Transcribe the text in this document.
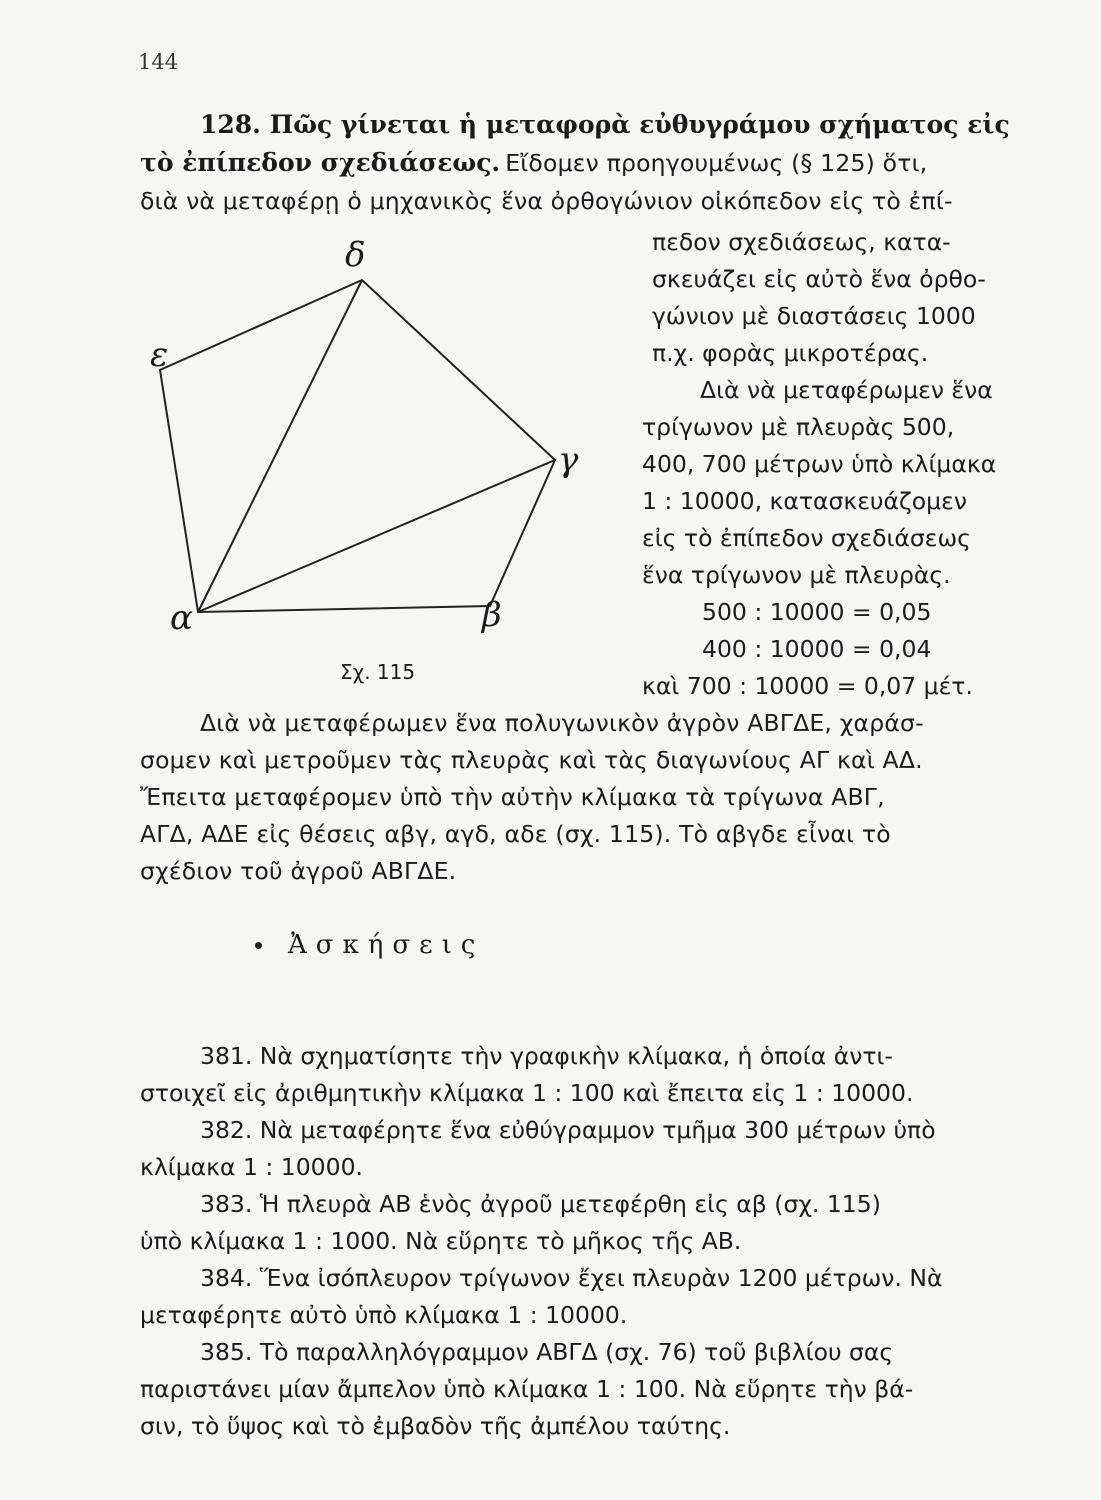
144
128. Πῶς γίνεται ἡ μεταφορὰ εὐθυγράμου σχήματος εἰς
τὸ ἐπίπεδον σχεδιάσεως. Εἴδομεν προηγουμένως (§ 125) ὅτι,
διὰ νὰ μεταφέρῃ ὁ μηχανικὸς ἕνα ὀρθογώνιον οἰκόπεδον εἰς τὸ ἐπί-
πεδον σχεδιάσεως, κατα-
σκευάζει εἰς αὐτὸ ἕνα ὀρθο-
γώνιον μὲ διαστάσεις 1000
π.χ. φορὰς μικροτέρας.
Διὰ νὰ μεταφέρωμεν ἕνα
τρίγωνον μὲ πλευρὰς 500,
400, 700 μέτρων ὑπὸ κλίμακα
1 : 10000, κατασκευάζομεν
εἰς τὸ ἐπίπεδον σχεδιάσεως
ἕνα τρίγωνον μὲ πλευρὰς.
500 : 10000 = 0,05
400 : 10000 = 0,04
καὶ 700 : 10000 = 0,07 μέτ.
ε
δ
γ
β
α
Σχ. 115
Διὰ νὰ μεταφέρωμεν ἕνα πολυγωνικὸν ἀγρὸν ΑΒΓΔΕ, χαράσ-
σομεν καὶ μετροῦμεν τὰς πλευρὰς καὶ τὰς διαγωνίους ΑΓ καὶ ΑΔ.
Ἔπειτα μεταφέρομεν ὑπὸ τὴν αὐτὴν κλίμακα τὰ τρίγωνα ΑΒΓ,
ΑΓΔ, ΑΔΕ εἰς θέσεις αβγ, αγδ, αδε (σχ. 115). Τὸ αβγδε εἶναι τὸ
σχέδιον τοῦ ἀγροῦ ΑΒΓΔΕ.
Ἀσκήσεις
381. Νὰ σχηματίσητε τὴν γραφικὴν κλίμακα, ἡ ὁποία ἀντι-
στοιχεῖ εἰς ἀριθμητικὴν κλίμακα 1 : 100 καὶ ἔπειτα εἰς 1 : 10000.
382. Νὰ μεταφέρητε ἕνα εὐθύγραμμον τμῆμα 300 μέτρων ὑπὸ
κλίμακα 1 : 10000.
383. Ἡ πλευρὰ ΑΒ ἑνὸς ἀγροῦ μετεφέρθη εἰς αβ (σχ. 115)
ὑπὸ κλίμακα 1 : 1000. Νὰ εὕρητε τὸ μῆκος τῆς ΑΒ.
384. Ἕνα ἰσόπλευρον τρίγωνον ἔχει πλευρὰν 1200 μέτρων. Νὰ
μεταφέρητε αὐτὸ ὑπὸ κλίμακα 1 : 10000.
385. Τὸ παραλληλόγραμμον ΑΒΓΔ (σχ. 76) τοῦ βιβλίου σας
παριστάνει μίαν ἄμπελον ὑπὸ κλίμακα 1 : 100. Νὰ εὕρητε τὴν βά-
σιν, τὸ ὕψος καὶ τὸ ἐμβαδὸν τῆς ἀμπέλου ταύτης.
